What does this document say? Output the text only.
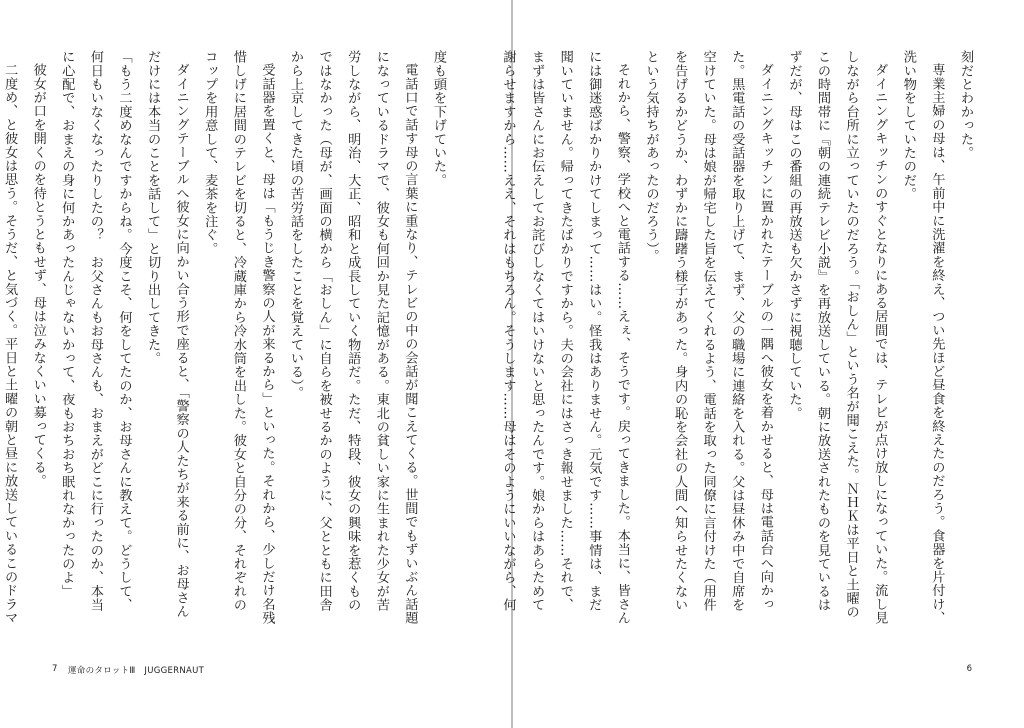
度も頭を下げていた。

電話口で話す母の言葉に重なり、テレビの中の会話が聞こえてくる。世間でもずいぶん話題になっているドラマで、彼女も何回か見た記憶がある。東北の貧しい家に生まれた少女が苦労しながら、明治、大正、昭和と成長していく物語だ。ただ、特段、彼女の興味を惹くものではなかった（母が、画面の横から「おしん」に自らを被せるかのように、父とともに田舎から上京してきた頃の苦労話をしたことを覚えている）。

受話器を置くと、母は「もうじき警察の人が来るから」といった。それから、少しだけ名残惜しげに居間のテレビを切ると、冷蔵庫から冷水筒を出した。彼女と自分の分、それぞれのコップを用意して、麦茶を注ぐ。

ダイニングテーブルへ彼女に向かい合う形で座ると、「警察の人たちが来る前に、お母さんだけには本当のことを話して」と切り出してきた。

「もう二度めなんですからね。今度こそ、何をしてたのか、お母さんに教えて。どうして、何日もいなくなったりしたの？　お父さんもお母さんも、おまえがどこに行ったのか、本当に心配で、おまえの身に何かあったんじゃないかって、夜もおちおち眠れなかったのよ」

彼女が口を開くのを待とうともせず、母は泣みなくいい募ってくる。

二度め、と彼女は思う。そうだ、と気づく。平日と土曜の朝と昼に放送しているこのドラマ

7 運命のタロットⅢ　JUGGERNAUT

刻だとわかった。

専業主婦の母は、午前中に洗濯を終え、つい先ほど昼食を終えたのだろう。食器を片付け、洗い物をしていたのだ。

ダイニングキッチンのすぐとなりにある居間では、テレビが点け放しになっていた。流し見しながら台所に立っていたのだろう。「おしん」という名が聞こえた。ＮＨＫは平日と土曜のこの時間帯に『朝の連続テレビ小説』を再放送している。朝に放送されたものを見ているはずだが、母はこの番組の再放送も欠かさずに視聴していた。

ダイニングキッチンに置かれたテーブルの一隅へ彼女を着かせると、母は電話台へ向かった。黒電話の受話器を取り上げて、まず、父の職場に連絡を入れる。父は昼休み中で自席を空けていた。母は娘が帰宅した旨を伝えてくれるよう、電話を取った同僚に言付けた（用件を告げるかどうか、わずかに躊躇う様子があった。身内の恥を会社の人間へ知らせたくないという気持ちがあったのだろう）。

それから、警察、学校へと電話する……えぇ、そうです。戻ってきました。本当に、皆さんには御迷惑ばかりかけてしまって……はい。怪我はありません。元気です……事情は、まだ聞いていません。帰ってきたばかりですから。夫の会社にはさっき報せました……それで、まずは皆さんにお伝えしてお詫びしなくてはいけないと思ったんです。娘からはあらためて謝らせますから……ええ、それはもちろん。そうします……母はそのようにいいながら、何

6
